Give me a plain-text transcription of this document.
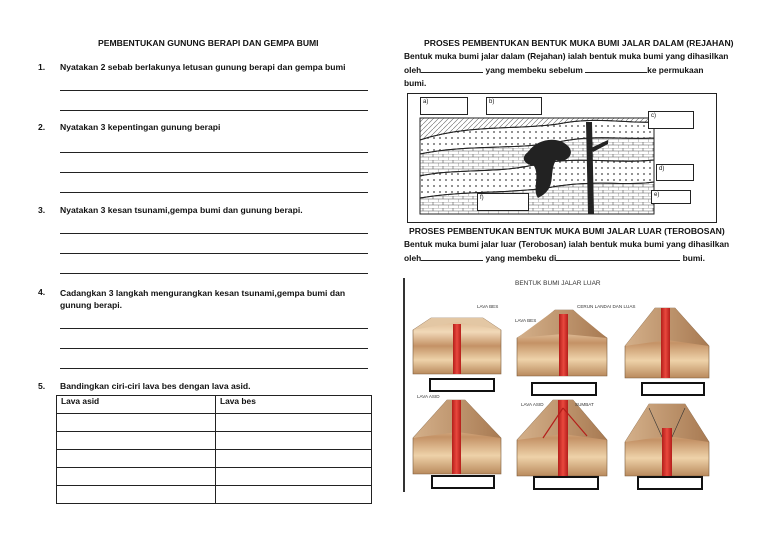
PEMBENTUKAN GUNUNG BERAPI DAN GEMPA BUMI
1. Nyatakan 2 sebab berlakunya letusan gunung berapi dan gempa bumi
2. Nyatakan 3 kepentingan gunung berapi
3. Nyatakan 3 kesan tsunami,gempa bumi dan gunung berapi.
4. Cadangkan 3 langkah mengurangkan kesan tsunami,gempa bumi dan gunung berapi.
5. Bandingkan ciri-ciri lava bes dengan lava asid.
Lava asid	Lava bes

PROSES PEMBENTUKAN BENTUK MUKA BUMI JALAR DALAM (REJAHAN)
Bentuk muka bumi jalar dalam (Rejahan) ialah bentuk muka bumi yang dihasilkan
oleh	yang membeku sebelum	ke permukaan
bumi.
a)	b)
c)
d)
e)
f)
PROSES PEMBENTUKAN BENTUK MUKA BUMI JALAR LUAR (TEROBOSAN)
Bentuk muka bumi jalar luar (Terobosan) ialah bentuk muka bumi yang dihasilkan
oleh	yang membeku di	bumi.
BENTUK BUMI JALAR LUAR
LAVA BES
LAVA BES
CERUN LANDAI DAN LUAS
LAVA ASID
LAVA ASID	SUMBAT
